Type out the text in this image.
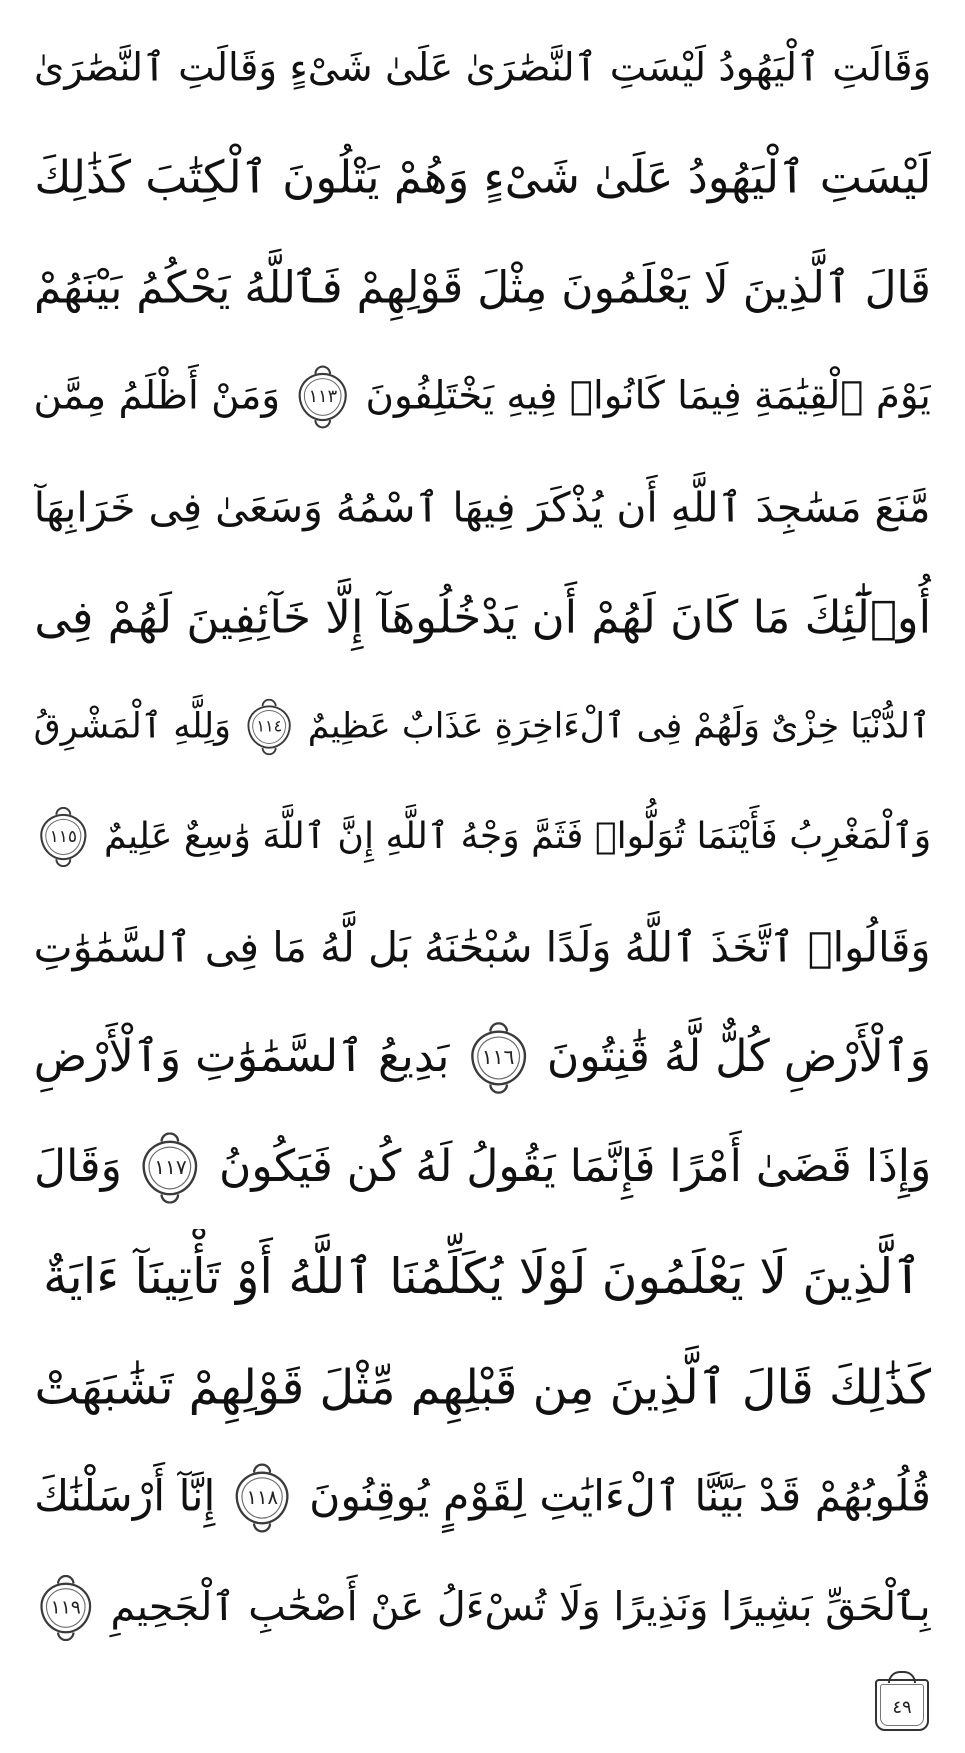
وَقَالَتِ ٱلْيَهُودُ لَيْسَتِ ٱلنَّصَٰرَىٰ عَلَىٰ شَىْءٍ وَقَالَتِ ٱلنَّصَٰرَىٰ
لَيْسَتِ ٱلْيَهُودُ عَلَىٰ شَىْءٍ وَهُمْ يَتْلُونَ ٱلْكِتَٰبَ كَذَٰلِكَ
قَالَ ٱلَّذِينَ لَا يَعْلَمُونَ مِثْلَ قَوْلِهِمْ فَٱللَّهُ يَحْكُمُ بَيْنَهُمْ
يَوْمَ ٱلْقِيَٰمَةِ فِيمَا كَانُوا۟ فِيهِ يَخْتَلِفُونَ
١١٣
وَمَنْ أَظْلَمُ مِمَّن
مَّنَعَ مَسَٰجِدَ ٱللَّهِ أَن يُذْكَرَ فِيهَا ٱسْمُهُ وَسَعَىٰ فِى خَرَابِهَآ
أُو۟لَٰٓئِكَ مَا كَانَ لَهُمْ أَن يَدْخُلُوهَآ إِلَّا خَآئِفِينَ لَهُمْ فِى
ٱلدُّنْيَا خِزْىٌ وَلَهُمْ فِى ٱلْءَاخِرَةِ عَذَابٌ عَظِيمٌ
١١٤
وَلِلَّهِ ٱلْمَشْرِقُ
وَٱلْمَغْرِبُ فَأَيْنَمَا تُوَلُّوا۟ فَثَمَّ وَجْهُ ٱللَّهِ إِنَّ ٱللَّهَ وَٰسِعٌ عَلِيمٌ
١١٥
وَقَالُوا۟ ٱتَّخَذَ ٱللَّهُ وَلَدًا سُبْحَٰنَهُ بَل لَّهُ مَا فِى ٱلسَّمَٰوَٰتِ
وَٱلْأَرْضِ كُلٌّ لَّهُ قَٰنِتُونَ
١١٦
بَدِيعُ ٱلسَّمَٰوَٰتِ وَٱلْأَرْضِ
وَإِذَا قَضَىٰ أَمْرًا فَإِنَّمَا يَقُولُ لَهُ كُن فَيَكُونُ
١١٧
وَقَالَ
ٱلَّذِينَ لَا يَعْلَمُونَ لَوْلَا يُكَلِّمُنَا ٱللَّهُ أَوْ تَأْتِينَآ ءَايَةٌ
كَذَٰلِكَ قَالَ ٱلَّذِينَ مِن قَبْلِهِم مِّثْلَ قَوْلِهِمْ تَشَٰبَهَتْ
قُلُوبُهُمْ قَدْ بَيَّنَّا ٱلْءَايَٰتِ لِقَوْمٍ يُوقِنُونَ
١١٨
إِنَّآ أَرْسَلْنَٰكَ
بِٱلْحَقِّ بَشِيرًا وَنَذِيرًا وَلَا تُسْءَلُ عَنْ أَصْحَٰبِ ٱلْجَحِيمِ
١١٩
٤٩
